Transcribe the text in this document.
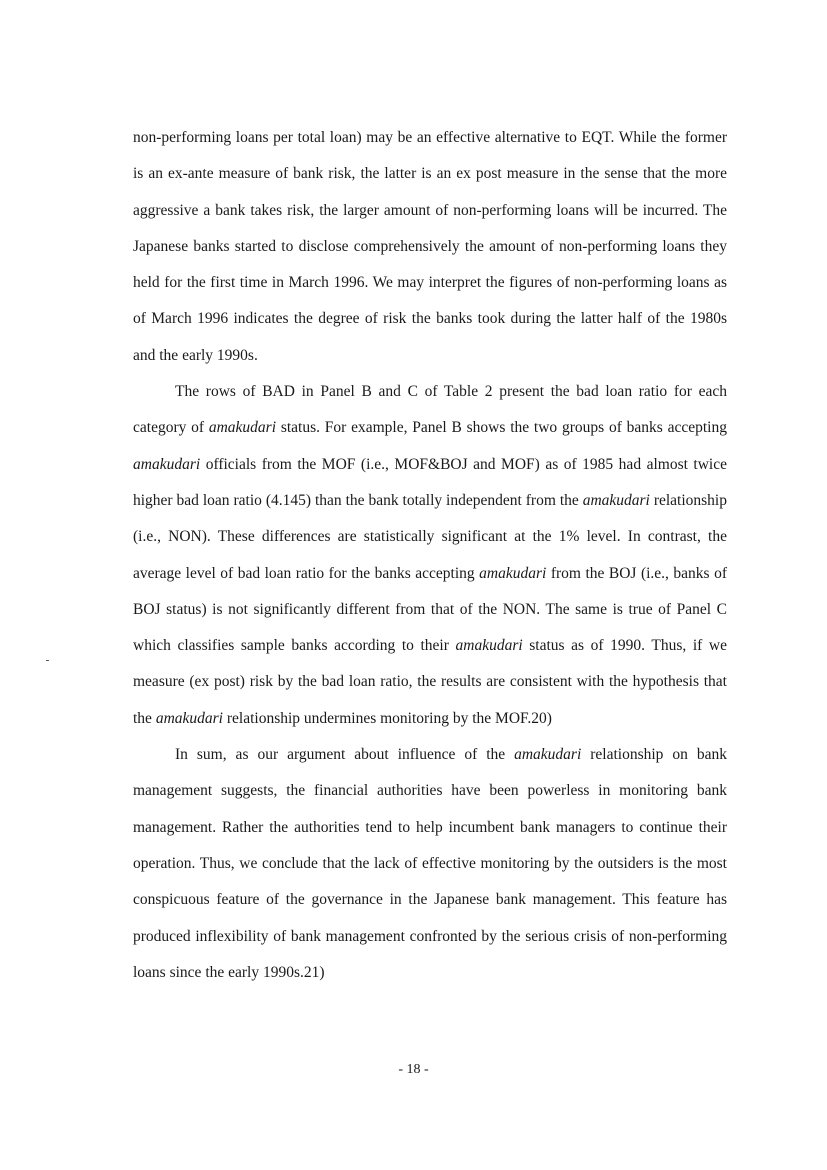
non-performing loans per total loan) may be an effective alternative to EQT. While the former is an ex-ante measure of bank risk, the latter is an ex post measure in the sense that the more aggressive a bank takes risk, the larger amount of non-performing loans will be incurred. The Japanese banks started to disclose comprehensively the amount of non-performing loans they held for the first time in March 1996. We may interpret the figures of non-performing loans as of March 1996 indicates the degree of risk the banks took during the latter half of the 1980s and the early 1990s.

The rows of BAD in Panel B and C of Table 2 present the bad loan ratio for each category of amakudari status. For example, Panel B shows the two groups of banks accepting amakudari officials from the MOF (i.e., MOF&BOJ and MOF) as of 1985 had almost twice higher bad loan ratio (4.145) than the bank totally independent from the amakudari relationship (i.e., NON). These differences are statistically significant at the 1% level. In contrast, the average level of bad loan ratio for the banks accepting amakudari from the BOJ (i.e., banks of BOJ status) is not significantly different from that of the NON. The same is true of Panel C which classifies sample banks according to their amakudari status as of 1990. Thus, if we measure (ex post) risk by the bad loan ratio, the results are consistent with the hypothesis that the amakudari relationship undermines monitoring by the MOF.20)

In sum, as our argument about influence of the amakudari relationship on bank management suggests, the financial authorities have been powerless in monitoring bank management. Rather the authorities tend to help incumbent bank managers to continue their operation. Thus, we conclude that the lack of effective monitoring by the outsiders is the most conspicuous feature of the governance in the Japanese bank management. This feature has produced inflexibility of bank management confronted by the serious crisis of non-performing loans since the early 1990s.21)

- 18 -
